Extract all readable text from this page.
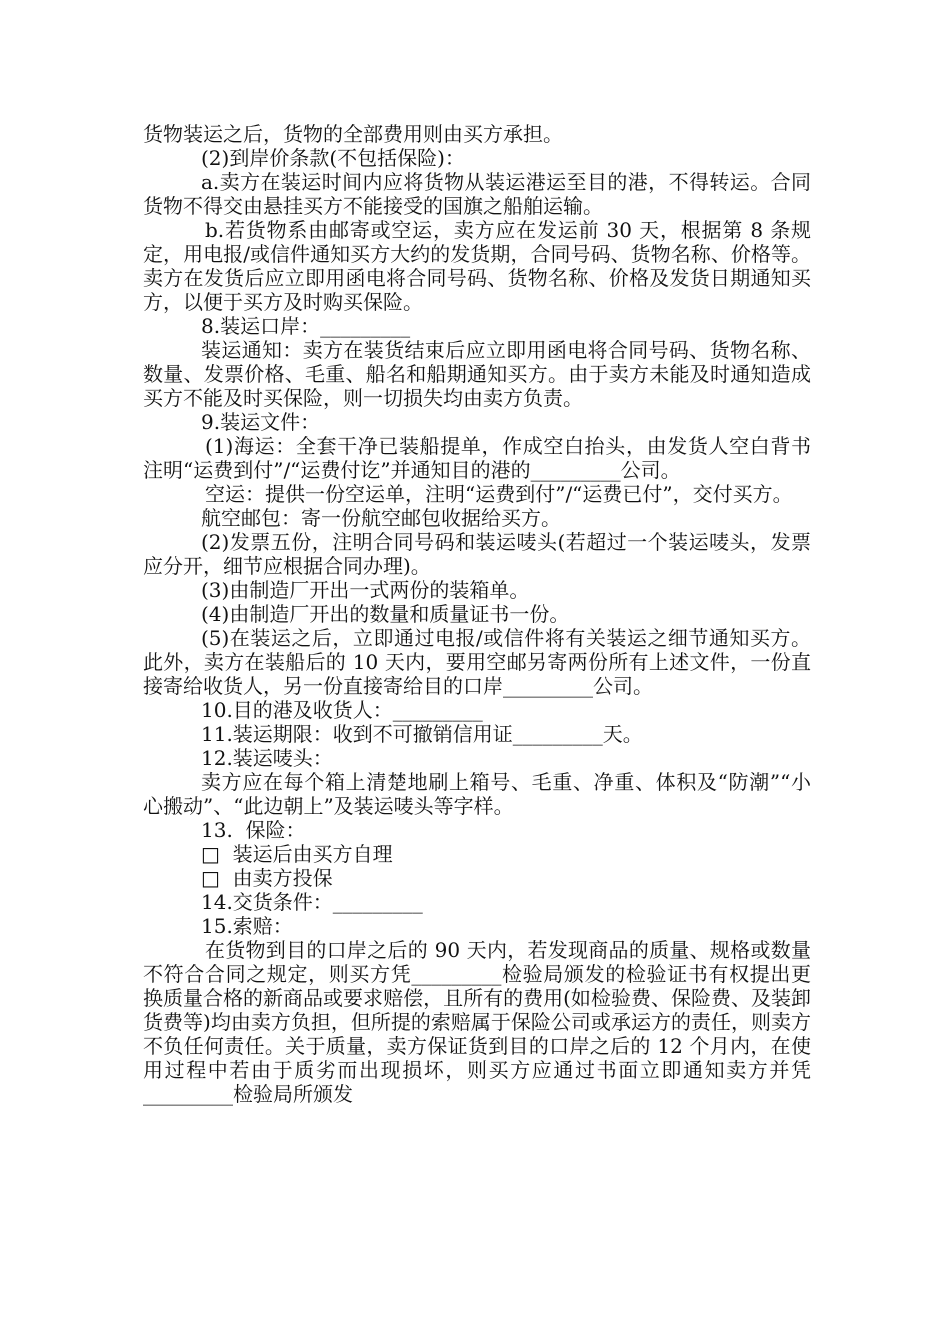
货物装运之后，货物的全部费用则由买方承担。

(2)到岸价条款(不包括保险)：

a.卖方在装运时间内应将货物从装运港运至目的港，不得转运。合同货物不得交由悬挂买方不能接受的国旗之船舶运输。

b.若货物系由邮寄或空运，卖方应在发运前 30 天，根据第 8 条规定，用电报/或信件通知买方大约的发货期，合同号码、货物名称、价格等。卖方在发货后应立即用函电将合同号码、货物名称、价格及发货日期通知买方，以便于买方及时购买保险。

8.装运口岸：_________

装运通知：卖方在装货结束后应立即用函电将合同号码、货物名称、数量、发票价格、毛重、船名和船期通知买方。由于卖方未能及时通知造成买方不能及时买保险，则一切损失均由卖方负责。

9.装运文件：

(1)海运：全套干净已装船提单，作成空白抬头，由发货人空白背书注明“运费到付”/“运费付讫”并通知目的港的_________公司。

空运：提供一份空运单，注明“运费到付”/“运费已付”，交付买方。

航空邮包：寄一份航空邮包收据给买方。

(2)发票五份，注明合同号码和装运唛头(若超过一个装运唛头，发票应分开，细节应根据合同办理)。

(3)由制造厂开出一式两份的装箱单。

(4)由制造厂开出的数量和质量证书一份。

(5)在装运之后，立即通过电报/或信件将有关装运之细节通知买方。此外，卖方在装船后的 10 天内，要用空邮另寄两份所有上述文件，一份直接寄给收货人，另一份直接寄给目的口岸_________公司。

10.目的港及收货人：_________

11.装运期限：收到不可撤销信用证_________天。

12.装运唛头：

卖方应在每个箱上清楚地刷上箱号、毛重、净重、体积及“防潮”“小心搬动”、“此边朝上”及装运唛头等字样。

13.  保险：

□  装运后由买方自理

□  由卖方投保

14.交货条件：_________

15.索赔：

在货物到目的口岸之后的 90 天内，若发现商品的质量、规格或数量不符合合同之规定，则买方凭_________检验局颁发的检验证书有权提出更换质量合格的新商品或要求赔偿，且所有的费用(如检验费、保险费、及装卸货费等)均由卖方负担，但所提的索赔属于保险公司或承运方的责任，则卖方不负任何责任。关于质量，卖方保证货到目的口岸之后的 12 个月内，在使用过程中若由于质劣而出现损坏，则买方应通过书面立即通知卖方并凭_________检验局所颁发
